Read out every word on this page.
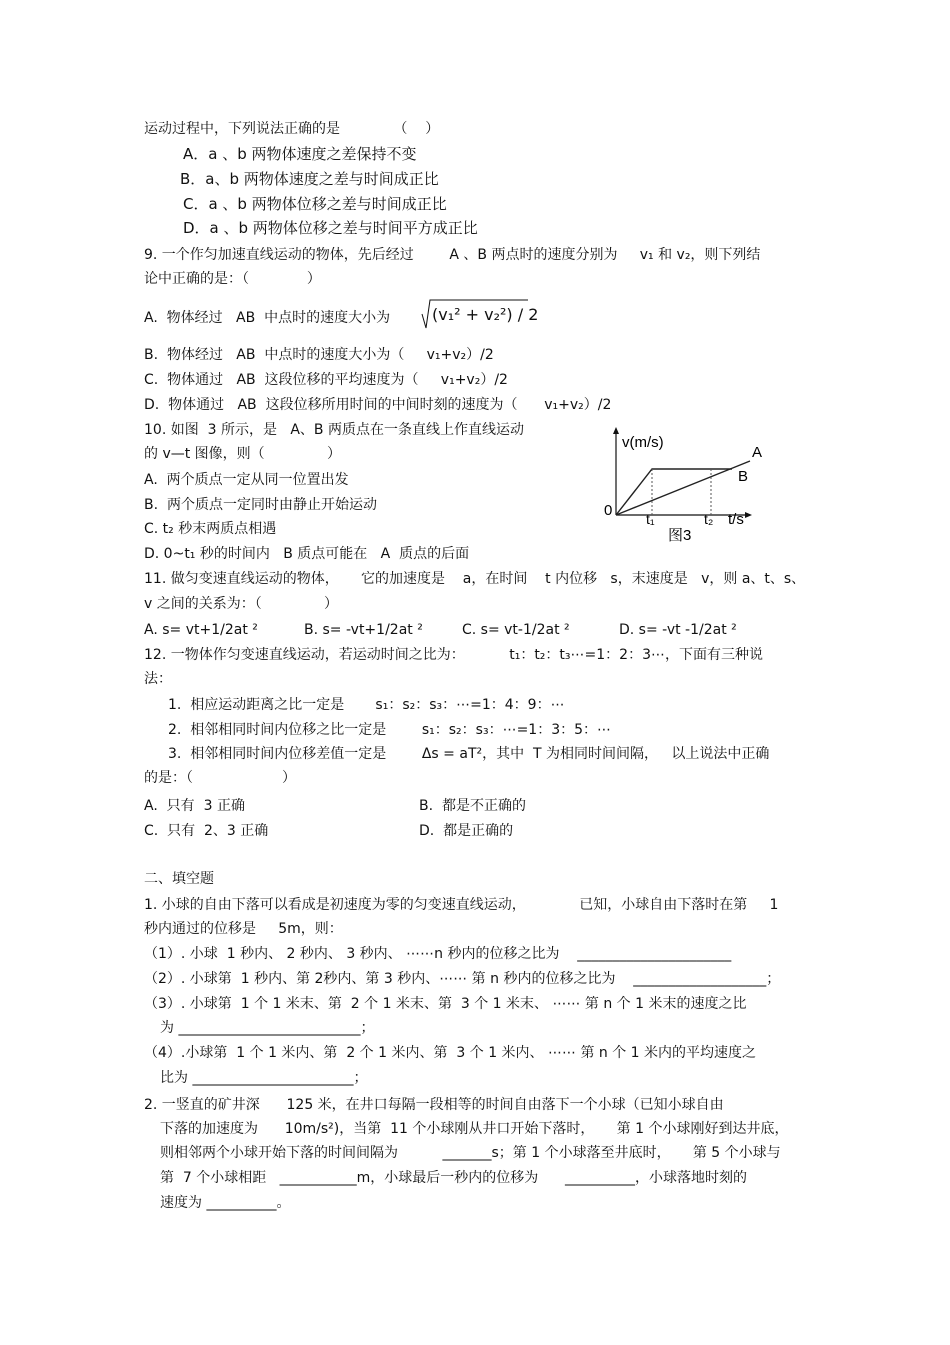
运动过程中，下列说法正确的是            （    ）
A．a 、b 两物体速度之差保持不变
B．a、b 两物体速度之差与时间成正比
C．a 、b 两物体位移之差与时间成正比
D．a 、b 两物体位移之差与时间平方成正比
9. 一个作匀加速直线运动的物体，先后经过        A 、B 两点时的速度分别为     v₁ 和 v₂，则下列结
论中正确的是：（             ）
A.  物体经过   AB  中点时的速度大小为	(v₁² + v₂²) / 2
B.  物体经过   AB  中点时的速度大小为（     v₁+v₂）/2
C.  物体通过   AB  这段位移的平均速度为（     v₁+v₂）/2
D.  物体通过   AB  这段位移所用时间的中间时刻的速度为（      v₁+v₂）/2
10. 如图  3 所示，是   A、B 两质点在一条直线上作直线运动
的 v—t 图像，则（              ）
A.  两个质点一定从同一位置出发
B.  两个质点一定同时由静止开始运动
C. t₂ 秒末两质点相遇
D. 0~t₁ 秒的时间内   B 质点可能在   A  质点的后面
v(m/s)
t/s
0
A
B
t₁	t₂
图3
11. 做匀变速直线运动的物体，     它的加速度是    a，在时间    t 内位移   s，末速度是   v，则 a、t、s、
v 之间的关系为：（              ）
A. s= vt+1/2at ²	B. s= -vt+1/2at ²	C. s= vt-1/2at ²	D. s= -vt -1/2at ²
12. 一物体作匀变速直线运动，若运动时间之比为：          t₁：t₂：t₃⋯=1：2：3⋯，下面有三种说
法：
1.  相应运动距离之比一定是       s₁：s₂：s₃：⋯=1：4：9：⋯
2.  相邻相同时间内位移之比一定是        s₁：s₂：s₃：⋯=1：3：5：⋯
3.  相邻相同时间内位移差值一定是        Δs = aT²，其中  T 为相同时间间隔，   以上说法中正确
的是：（                    ）
A.  只有  3 正确	B.  都是不正确的
C.  只有  2、3 正确	D.  都是正确的
二、填空题
1. 小球的自由下落可以看成是初速度为零的匀变速直线运动，            已知，小球自由下落时在第     1
秒内通过的位移是     5m，则：
（1）. 小球  1 秒内、 2 秒内、 3 秒内、 ⋯⋯n 秒内的位移之比为    ______________________
（2）. 小球第  1 秒内、第 2秒内、第 3 秒内、⋯⋯ 第 n 秒内的位移之比为    ___________________；
（3）. 小球第  1 个 1 米末、第  2 个 1 米末、第  3 个 1 米末、 ⋯⋯ 第 n 个 1 米末的速度之比
为 __________________________；
（4）.小球第  1 个 1 米内、第  2 个 1 米内、第  3 个 1 米内、 ⋯⋯ 第 n 个 1 米内的平均速度之
比为 _______________________；
2. 一竖直的矿井深      125 米，在井口每隔一段相等的时间自由落下一个小球（已知小球自由
下落的加速度为      10m/s²)，当第  11 个小球刚从井口开始下落时，     第 1 个小球刚好到达井底，
则相邻两个小球开始下落的时间间隔为          _______s；第 1 个小球落至井底时，     第 5 个小球与
第  7 个小球相距   ___________m，小球最后一秒内的位移为      __________，小球落地时刻的
速度为 __________。
